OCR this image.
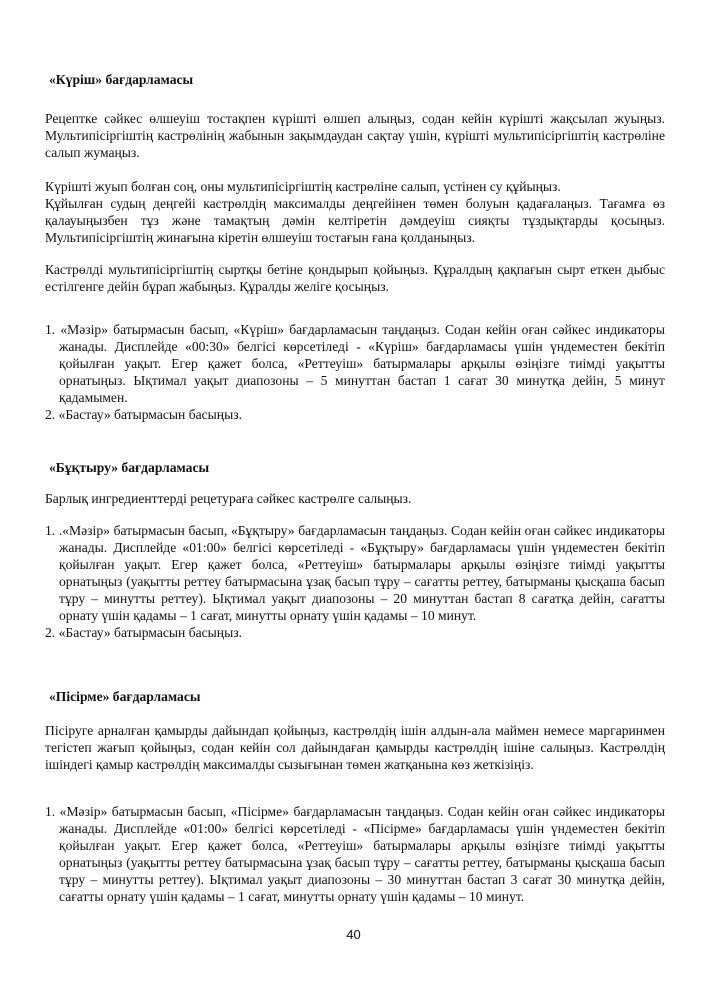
«Күріш» бағдарламасы

Рецептке сәйкес өлшеуіш тостақпен күрішті өлшеп алыңыз, содан кейін күрішті жақсылап жуыңыз. Мультипісіргіштің кастрөлінің жабынын зақымдаудан сақтау үшін, күрішті мультипісіргіштің кастрөліне салып жумаңыз.

Күрішті жуып болған соң, оны мультипісіргіштің кастрөліне салып, үстінен су құйыңыз.

Құйылған судың деңгейі кастрөлдің максималды деңгейінен төмен болуын қадағалаңыз. Тағамға өз қалауыңызбен тұз және тамақтың дәмін келтіретін дәмдеуіш сияқты тұздықтарды қосыңыз. Мультипісіргіштің жинағына кіретін өлшеуіш тостағын ғана қолданыңыз.

Кастрөлді мультипісіргіштің сыртқы бетіне қондырып қойыңыз. Құралдың қақпағын сырт еткен дыбыс естілгенге дейін бұрап жабыңыз. Құралды желіге қосыңыз.

1. «Мәзір» батырмасын басып, «Күріш» бағдарламасын таңдаңыз. Содан кейін оған сәйкес индикаторы жанады. Дисплейде «00:30» белгісі көрсетіледі - «Күріш» бағдарламасы үшін үндеместен бекітіп қойылған уақыт. Егер қажет болса, «Реттеуіш» батырмалары арқылы өзіңізге тиімді уақытты орнатыңыз. Ықтимал уақыт диапозоны – 5 минуттан бастап 1 сағат 30 минутқа дейін, 5 минут қадамымен.

2. «Бастау» батырмасын басыңыз.

«Бұқтыру» бағдарламасы

Барлық ингредиенттерді рецетураға сәйкес кастрөлге салыңыз.

1. .«Мәзір» батырмасын басып, «Бұқтыру» бағдарламасын таңдаңыз. Содан кейін оған сәйкес индикаторы жанады. Дисплейде «01:00» белгісі көрсетіледі - «Бұқтыру» бағдарламасы үшін үндеместен бекітіп қойылған уақыт. Егер қажет болса, «Реттеуіш» батырмалары арқылы өзіңізге тиімді уақытты орнатыңыз (уақытты реттеу батырмасына ұзақ басып тұру – сағатты реттеу, батырманы қысқаша басып тұру – минутты реттеу). Ықтимал уақыт диапозоны – 20 минуттан бастап 8 сағатқа дейін, сағатты орнату үшін қадамы – 1 сағат, минутты орнату үшін қадамы – 10 минут.

2. «Бастау» батырмасын басыңыз.

«Пісірме» бағдарламасы

Пісіруге арналған қамырды дайындап қойыңыз, кастрөлдің ішін алдын-ала маймен немесе маргаринмен тегістеп жағып қойыңыз, содан кейін сол дайындаған қамырды кастрөлдің ішіне салыңыз. Кастрөлдің ішіндегі қамыр кастрөлдің максималды сызығынан төмен жатқанына көз жеткізіңіз.

1. «Мәзір» батырмасын басып, «Пісірме» бағдарламасын таңдаңыз. Содан кейін оған сәйкес индикаторы жанады. Дисплейде «01:00» белгісі көрсетіледі - «Пісірме» бағдарламасы үшін үндеместен бекітіп қойылған уақыт. Егер қажет болса, «Реттеуіш» батырмалары арқылы өзіңізге тиімді уақытты орнатыңыз (уақытты реттеу батырмасына ұзақ басып тұру – сағатты реттеу, батырманы қысқаша басып тұру – минутты реттеу). Ықтимал уақыт диапозоны – 30 минуттан бастап 3 сағат 30 минутқа дейін, сағатты орнату үшін қадамы – 1 сағат, минутты орнату үшін қадамы – 10 минут.

40
